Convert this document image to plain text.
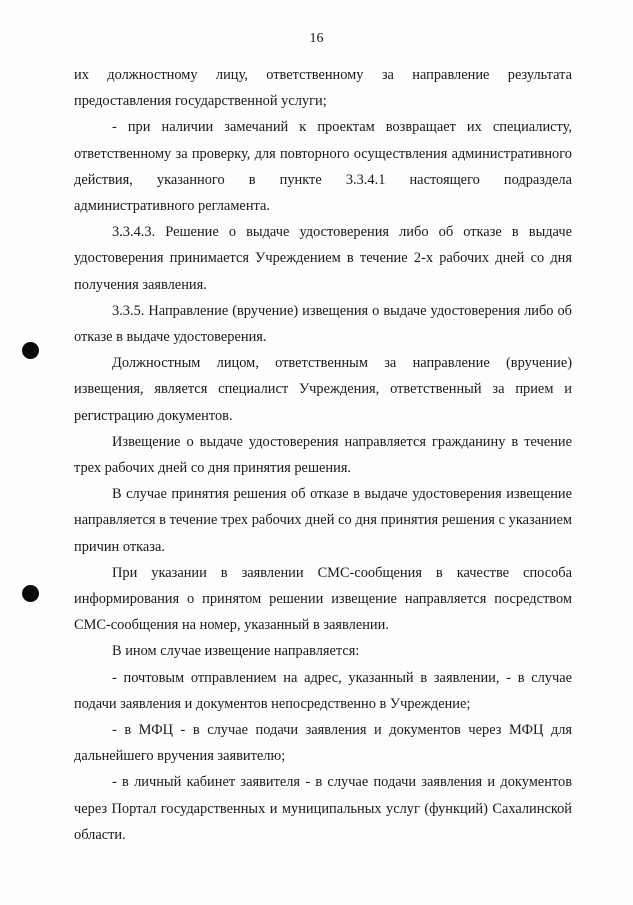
16

их должностному лицу, ответственному за направление результата предоставления государственной услуги;

- при наличии замечаний к проектам возвращает их специалисту, ответственному за проверку, для повторного осуществления административного действия, указанного в пункте 3.3.4.1 настоящего подраздела административного регламента.

3.3.4.3. Решение о выдаче удостоверения либо об отказе в выдаче удостоверения принимается Учреждением в течение 2-х рабочих дней со дня получения заявления.

3.3.5. Направление (вручение) извещения о выдаче удостоверения либо об отказе в выдаче удостоверения.

Должностным лицом, ответственным за направление (вручение) извещения, является специалист Учреждения, ответственный за прием и регистрацию документов.

Извещение о выдаче удостоверения направляется гражданину в течение трех рабочих дней со дня принятия решения.

В случае принятия решения об отказе в выдаче удостоверения извещение направляется в течение трех рабочих дней со дня принятия решения с указанием причин отказа.

При указании в заявлении СМС-сообщения в качестве способа информирования о принятом решении извещение направляется посредством СМС-сообщения на номер, указанный в заявлении.

В ином случае извещение направляется:

- почтовым отправлением на адрес, указанный в заявлении, - в случае подачи заявления и документов непосредственно в Учреждение;

- в МФЦ - в случае подачи заявления и документов через МФЦ для дальнейшего вручения заявителю;

- в личный кабинет заявителя - в случае подачи заявления и документов через Портал государственных и муниципальных услуг (функций) Сахалинской области.
